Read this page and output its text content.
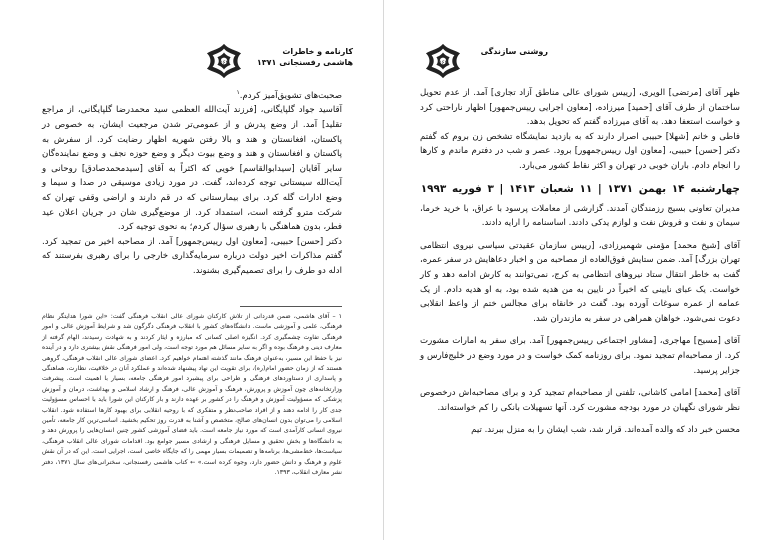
۵۶۲
کارنامه و خاطرات
هاشمی رفسنجانی ۱۳۷۱

صحبت‌های تشویق‌آمیز کردم.$^۱$

آقاسید جواد گلپایگانی، [فرزند آیت‌الله العظمی سید محمدرضا گلپایگانی، از مراجع تقلید] آمد. از وضع پدرش و از عمومی‌تر شدن مرجعیت ایشان، به خصوص در پاکستان، افغانستان و هند و بالا رفتن شهریه اظهار رضایت کرد. از سفرش به پاکستان و افغانستان و هند و وضع بیوت دیگر و وضع حوزه نجف و وضع نماینده‌گان سایر آقایان [سیدابوالقاسم] خویی که اکثراً به آقای [سیدمحمدصادق] روحانی و آیت‌الله سیستانی توجه کرده‌اند، گفت. در مورد زیادی موسیقی در صدا و سیما و وضع ادارات گله کرد. برای بیمارستانی که در قم دارند و اراضی وقفی تهران که شرکت مترو گرفته است، استمداد کرد. از موضع‌گیری شان در جریان اعلان عید فطر، بدون هماهنگی با رهبری سؤال کردم؛ به نحوی توجیه کرد.

دکتر [حسن] حبیبی، [معاون اول رییس‌جمهور] آمد. از مصاحبه اخیر من تمجید کرد. گفتم مذاکرات اخیر دولت درباره سرمایه‌گذاری خارجی را برای رهبری بفرستند که ادله دو طرف را برای تصمیم‌گیری بشنوند.

۱ – آقای هاشمی، ضمن قدردانی از تلاش کارکنان شورای عالی انقلاب فرهنگی گفت: «این شورا هدایتگر نظام فرهنگی، علمی و آموزشی ماست. دانشگاه‌های کشور با انقلاب فرهنگی دگرگون شد و شرایط آموزش عالی و امور فرهنگی تفاوت چشمگیری کرد. انگیزه اصلی کسانی که مبارزه و ایثار کردند و به شهادت رسیدند، الهام گرفته از معارف دینی و فرهنگ بوده و اگر به سایر مسائل هم مورد توجه است، ولی امور فرهنگی نقش بیشتری دارد و در آینده نیز با حفظ این مسیر، به‌عنوان فرهنگ مانند گذشته اهتمام خواهیم کرد. اعضای شورای عالی انقلاب فرهنگی، گروهی هستند که از زمان حضور امام(ره)، برای تقویت این نهاد پیشنهاد شده‌اند و عملکرد آنان در خلاقیت، نظارت، هماهنگی و پاسداری از دستاوردهای فرهنگی و طراحی برای پیشبرد امور فرهنگی جامعه، بسیار با اهمیت است. پیشرفت وزارتخانه‌های چون آموزش و پرورش، فرهنگ و آموزش عالی، فرهنگ و ارشاد اسلامی و بهداشت، درمان و آموزش پزشکی که مسؤولیت آموزش و فرهنگ را در کشور بر عهده دارند و بار کارکنان این شورا باید با احساس مسؤولیت جدی کار را ادامه دهند و از افراد صاحب‌نظر و متفکری که با روحیه انقلابی برای بهبود کارها استفاده شود. انقلاب اسلامی را می‌توان بدون انسان‌های صالح، متخصص و آشنا به قدرت روز تحکیم بخشید. اساسی‌ترین کار جامعه، تأمین نیروی انسانی کارآمدی است که مورد نیاز جامعه است. باید فضای آموزشی کشور چنین انسان‌هایی را پرورش دهد و به دانشگاه‌ها و بخش تحقیق و مسایل فرهنگی و ارشادی مسیر جوامع بود. اقدامات شورای عالی انقلاب فرهنگی، سیاست‌ها، خط‌مشی‌ها، برنامه‌ها و تصمیمات بسیار مهمی را که جایگاه خاصی است، اجرایی است. این که در آن نقش علوم و فرهنگ و دانش حضور دارد، وجوه کرده است.» ← کتاب هاشمی رفسنجانی، سخنرانی‌های سال ۱۳۷۱، دفتر نشر معارف انقلاب، ۱۳۹۳.
۵۶۳
روشنی سازندگی

ظهر آقای [مرتضی] الویری، [رییس شورای عالی مناطق آزاد تجاری] آمد. از عدم تحویل ساختمان از طرف آقای [حمید] میرزاده، [معاون اجرایی رییس‌جمهور] اظهار ناراحتی کرد و خواست استعفا دهد. به آقای میرزاده گفتم که تحویل بدهد.

فاطی و خانم [شهلا] حبیبی اصرار دارند که به بازدید نمایشگاه تشخص زن بروم که گفتم دکتر [حسن] حبیبی، [معاون اول رییس‌جمهور] برود. عصر و شب در دفترم ماندم و کارها را انجام دادم. باران خوبی در تهران و اکثر نقاط کشور می‌بارد.

چهارشنبه ۱۴ بهمن ۱۳۷۱ | ۱۱ شعبان ۱۴۱۳ | ۳ فوریه ۱۹۹۳

مدیران تعاونی بسیج رزمندگان آمدند. گزارشی از معاملات پرسود با عراق، با خرید خرما، سیمان و نفت و فروش نفت و لوازم یدکی دادند. اساسنامه را ارایه دادند.

آقای [شیخ محمد] مؤمنی شهمیرزادی، [رییس سازمان عقیدتی سیاسی نیروی انتظامی تهران بزرگ] آمد. ضمن ستایش فوق‌العاده از مصاحبه من و اخبار دعاهایش در سفر عمره، گفت به خاطر انتقال ستاد نیروهای انتظامی به کرج، نمی‌توانند به کارش ادامه دهد و کار خواست. یک عبای نایینی که اخیراً در نایین به من هدیه شده بود، به او هدیه دادم. از یک عمامه از عمره سوغات آورده بود. گفت در خانقاه برای مجالس ختم از واعظ انقلابی دعوت نمی‌شود. خواهان همراهی در سفر به مازندران شد.

آقای [مسیح] مهاجری، [مشاور اجتماعی رییس‌جمهور] آمد. برای سفر به امارات مشورت کرد. از مصاحبه‌ام تمجید نمود. برای روزنامه کمک خواست و در مورد وضع در خلیج‌فارس و جزایر پرسید.

آقای [محمد] امامی کاشانی، تلفنی از مصاحبه‌ام تمجید کرد و برای مصاحبه‌اش درخصوص نظر شورای نگهبان در مورد بودجه مشورت کرد. آنها تسهیلات بانکی را کم خواسته‌اند.

محسن خبر داد که والده آمده‌اند. قرار شد، شب ایشان را به منزل ببرند. تیم
